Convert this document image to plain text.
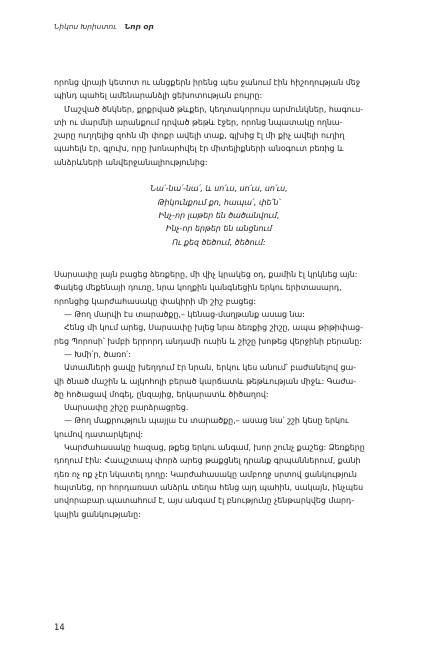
Նիկոս Խրիստու Նոր օր
որոնց վրայի կետոտ ու անցքերն իրենց պես ջանում էին հիշողության մեջ
պինդ պահել ամենարանձլի ցեխոտության բույրը:
Մաշված ծնկներ, քրքրված թևքեր, կեղտակորույս արմունկներ, հագուս-
տի ու մարմնի արանքում դրված թեթև էջեր, որոնց նպատակը ողնա-
շարը ուղղելից զոհն մի փոքր ավելի տաք, գլխից էլ մի քիչ ավելի ուղիղ
պահելն էր, գլուխ, որը խոնարհվել էր միտելիքների անօգուտ բեռից և
անձրևների անվերջանալիությունից:
Նա՛-նա՛-նա՛, և սո՛ւս, սո՛ւս, սո՛ւս,
Թիկունքում քո, հապա՛, փե՛ն՝
Ինչ-որ լաթեր են ծածանվում,
Ինչ-որ երթեր են անցնում
Ու քեզ ծեծում, ծեծում:
Սարսափը լայն բացեց ձեռքերը, մի վիչ կրակեց օդ, քամին էլ կրկնեց այն:
Փակեց մեքենայի դուռը, նրա կողքին կանգնեցին երկու երիտասարդ,
որոնցից կարժահասակը փակիրի մի շիշ բացեց:
— Թող մարվի էս տարածքը,– կենաց-մաղթանք ասաց նա:
Հենց մի կում արեց, Սարսափը խլեց նրա ձեռքից շիշը, ապա թիթիփաց-
րեց Պորոսի՝ խմբի երրորդ անդամի ուսին և շիշը խոթեց վերջինի բերանը:
— Խմի՛ր, ծառո՛:
Ատամների ցավը խեղդում էր նրան, երկու կես անում՝ բաժանելով ցա-
վի ծնած մաշին և ալկոհոլի բերած կարճատև թեթևության միջև: Գաժա-
ծը հոծացավ մոգել, ընզայից, երկարատև ծիծաղով:
Սարսափը շիշը բարձրացրեց.
— Թող մաքրություն պայլա էս տարածքը,– ասաց նա՝ շշի կեսը երկու
կումով դատարկելով:
Կարժահասակը հազաց, թքեց երկու անգամ, խոր շունչ քաշեց: Ձեռքերը
դողում էին: Հապշտապ փորձ արեց թաքցնել դրանք գրպաններում, քանի
դեռ ոչ ոք չէր նկատել դողը: Կարժահասակը ամբողջ սրտով ցանկություն
հայտնեց, որ հորդառատ անձրև տեղա հենց այդ պահին, սակայն, ինչպես
սովորաբար պատահում է, այս անգամ էլ բնությունը չենթարկվեց մարդ-
կային ցանկությանը:
14
